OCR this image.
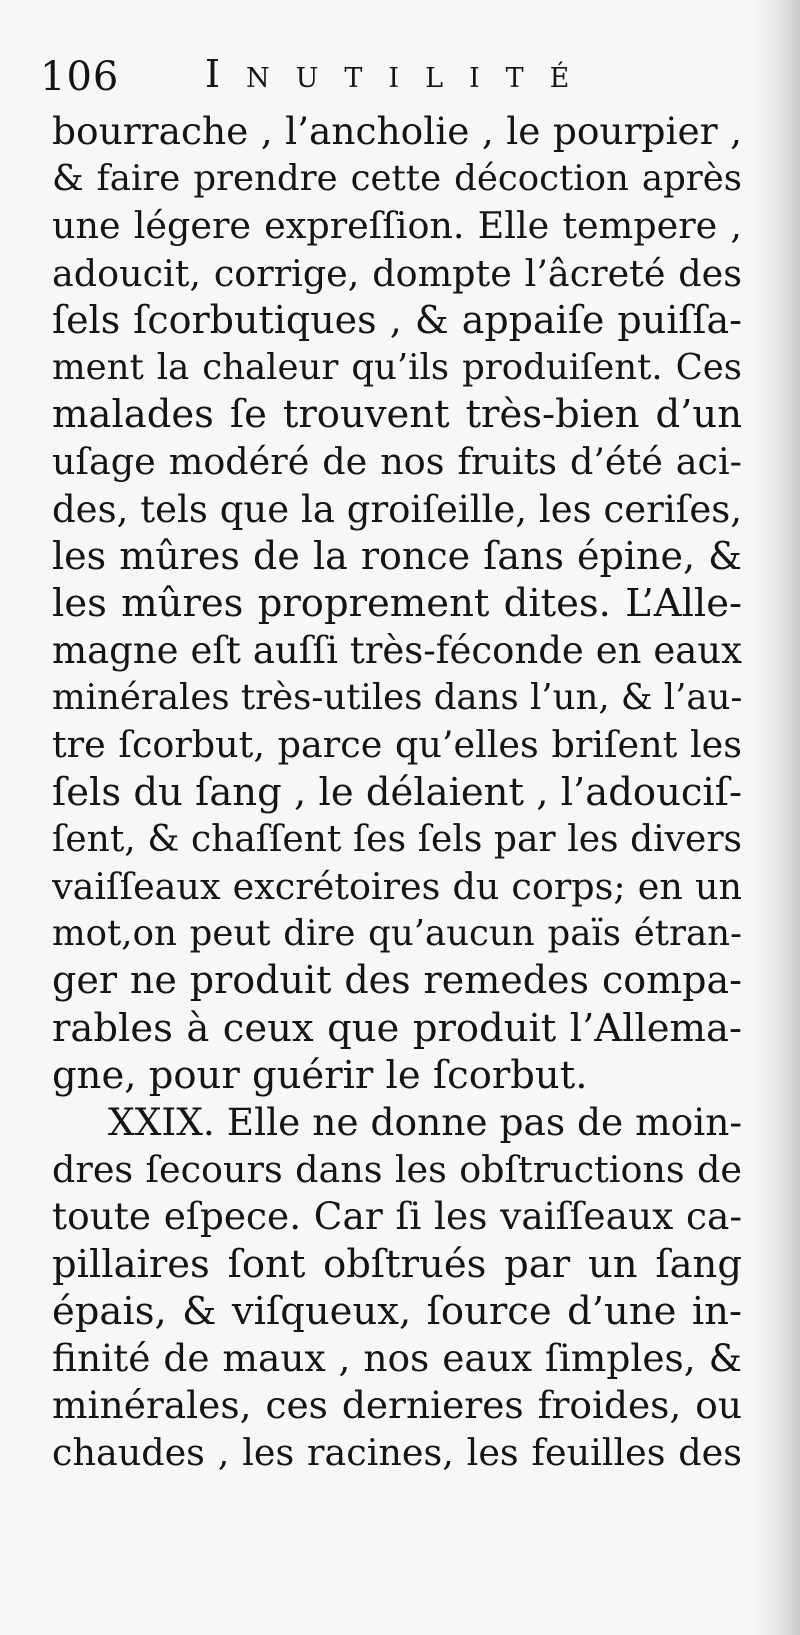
106 Inutilité
bourrache , l’ancholie , le pourpier ,
& faire prendre cette décoction après
une légere expreſſion. Elle tempere ,
adoucit, corrige, dompte l’âcreté des
ſels ſcorbutiques , & appaiſe puiſſa-
ment la chaleur qu’ils produiſent. Ces
malades ſe trouvent très-bien d’un
uſage modéré de nos fruits d’été aci-
des, tels que la groiſeille, les ceriſes,
les mûres de la ronce ſans épine, &
les mûres proprement dites. L’Alle-
magne eſt auſſi très-féconde en eaux
minérales très-utiles dans l’un, & l’au-
tre ſcorbut, parce qu’elles briſent les
ſels du ſang , le délaient , l’adouciſ-
ſent, & chaſſent ſes ſels par les divers
vaiſſeaux excrétoires du corps; en un
mot,on peut dire qu’aucun païs étran-
ger ne produit des remedes compa-
rables à ceux que produit l’Allema-
gne, pour guérir le ſcorbut.
XXIX. Elle ne donne pas de moin-
dres ſecours dans les obſtructions de
toute eſpece. Car ſi les vaiſſeaux ca-
pillaires ſont obſtrués par un ſang
épais, & viſqueux, ſource d’une in-
finité de maux , nos eaux ſimples, &
minérales, ces dernieres froides, ou
chaudes , les racines, les feuilles des
